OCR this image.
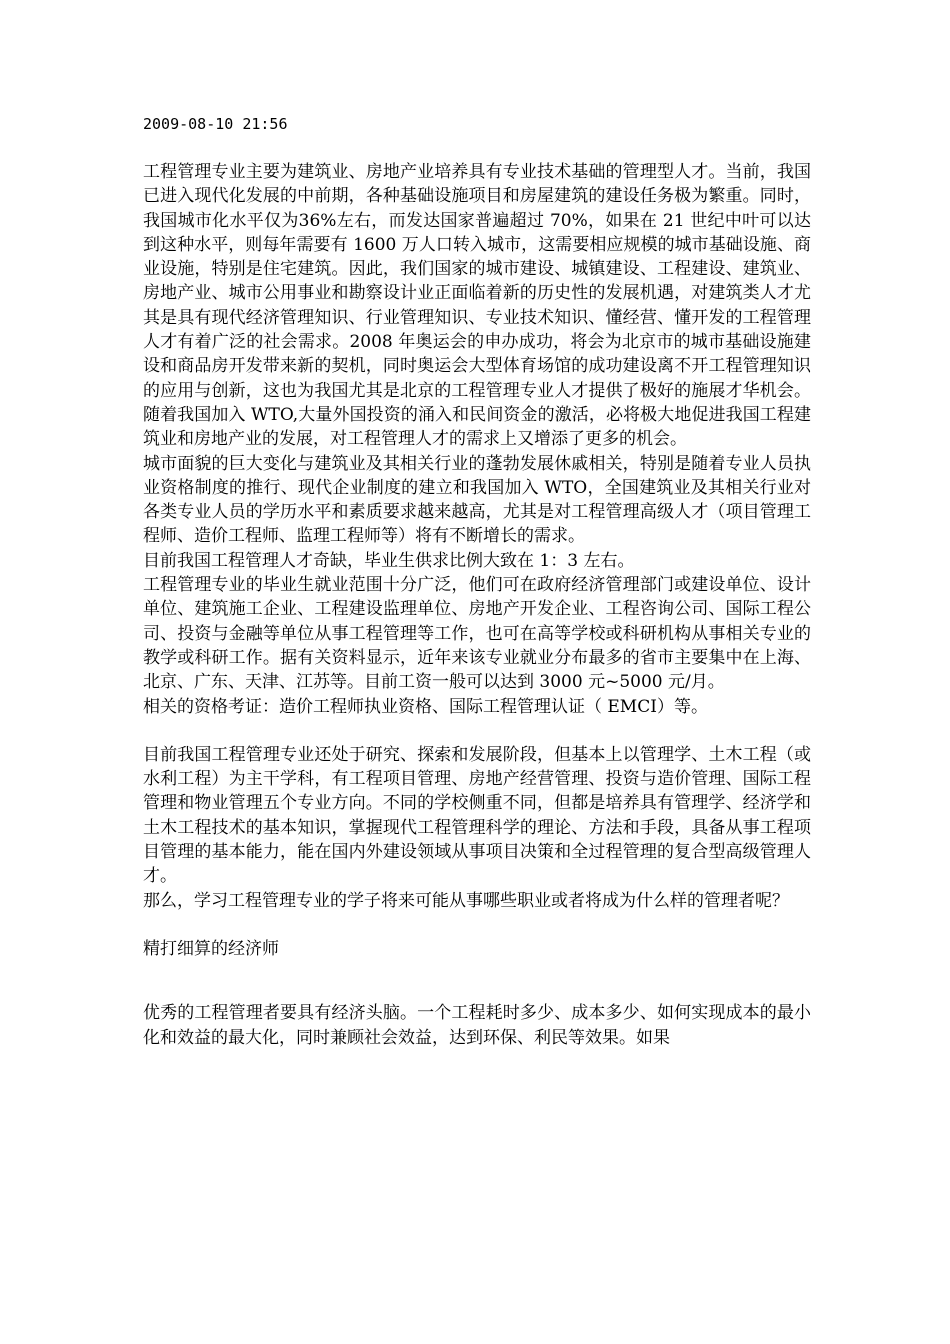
2009-08-10 21:56

工程管理专业主要为建筑业、房地产业培养具有专业技术基础的管理型人才。当前，我国已进入现代化发展的中前期，各种基础设施项目和房屋建筑的建设任务极为繁重。同时，我国城市化水平仅为36%左右，而发达国家普遍超过 70%，如果在 21 世纪中叶可以达到这种水平，则每年需要有 1600 万人口转入城市，这需要相应规模的城市基础设施、商业设施，特别是住宅建筑。因此，我们国家的城市建设、城镇建设、工程建设、建筑业、房地产业、城市公用事业和勘察设计业正面临着新的历史性的发展机遇，对建筑类人才尤其是具有现代经济管理知识、行业管理知识、专业技术知识、懂经营、懂开发的工程管理人才有着广泛的社会需求。2008 年奥运会的申办成功，将会为北京市的城市基础设施建设和商品房开发带来新的契机，同时奥运会大型体育场馆的成功建设离不开工程管理知识的应用与创新，这也为我国尤其是北京的工程管理专业人才提供了极好的施展才华机会。随着我国加入 WTO,大量外国投资的涌入和民间资金的激活，必将极大地促进我国工程建筑业和房地产业的发展，对工程管理人才的需求上又增添了更多的机会。

城市面貌的巨大变化与建筑业及其相关行业的蓬勃发展休戚相关，特别是随着专业人员执业资格制度的推行、现代企业制度的建立和我国加入 WTO，全国建筑业及其相关行业对各类专业人员的学历水平和素质要求越来越高，尤其是对工程管理高级人才（项目管理工程师、造价工程师、监理工程师等）将有不断增长的需求。

目前我国工程管理人才奇缺，毕业生供求比例大致在 1：3 左右。

工程管理专业的毕业生就业范围十分广泛，他们可在政府经济管理部门或建设单位、设计单位、建筑施工企业、工程建设监理单位、房地产开发企业、工程咨询公司、国际工程公司、投资与金融等单位从事工程管理等工作，也可在高等学校或科研机构从事相关专业的教学或科研工作。据有关资料显示，近年来该专业就业分布最多的省市主要集中在上海、北京、广东、天津、江苏等。目前工资一般可以达到 3000 元~5000 元/月。

相关的资格考证：造价工程师执业资格、国际工程管理认证（ EMCI）等。

目前我国工程管理专业还处于研究、探索和发展阶段，但基本上以管理学、土木工程（或水利工程）为主干学科，有工程项目管理、房地产经营管理、投资与造价管理、国际工程管理和物业管理五个专业方向。不同的学校侧重不同，但都是培养具有管理学、经济学和土木工程技术的基本知识，掌握现代工程管理科学的理论、方法和手段，具备从事工程项目管理的基本能力，能在国内外建设领域从事项目决策和全过程管理的复合型高级管理人才。

那么，学习工程管理专业的学子将来可能从事哪些职业或者将成为什么样的管理者呢？

精打细算的经济师

优秀的工程管理者要具有经济头脑。一个工程耗时多少、成本多少、如何实现成本的最小化和效益的最大化，同时兼顾社会效益，达到环保、利民等效果。如果
